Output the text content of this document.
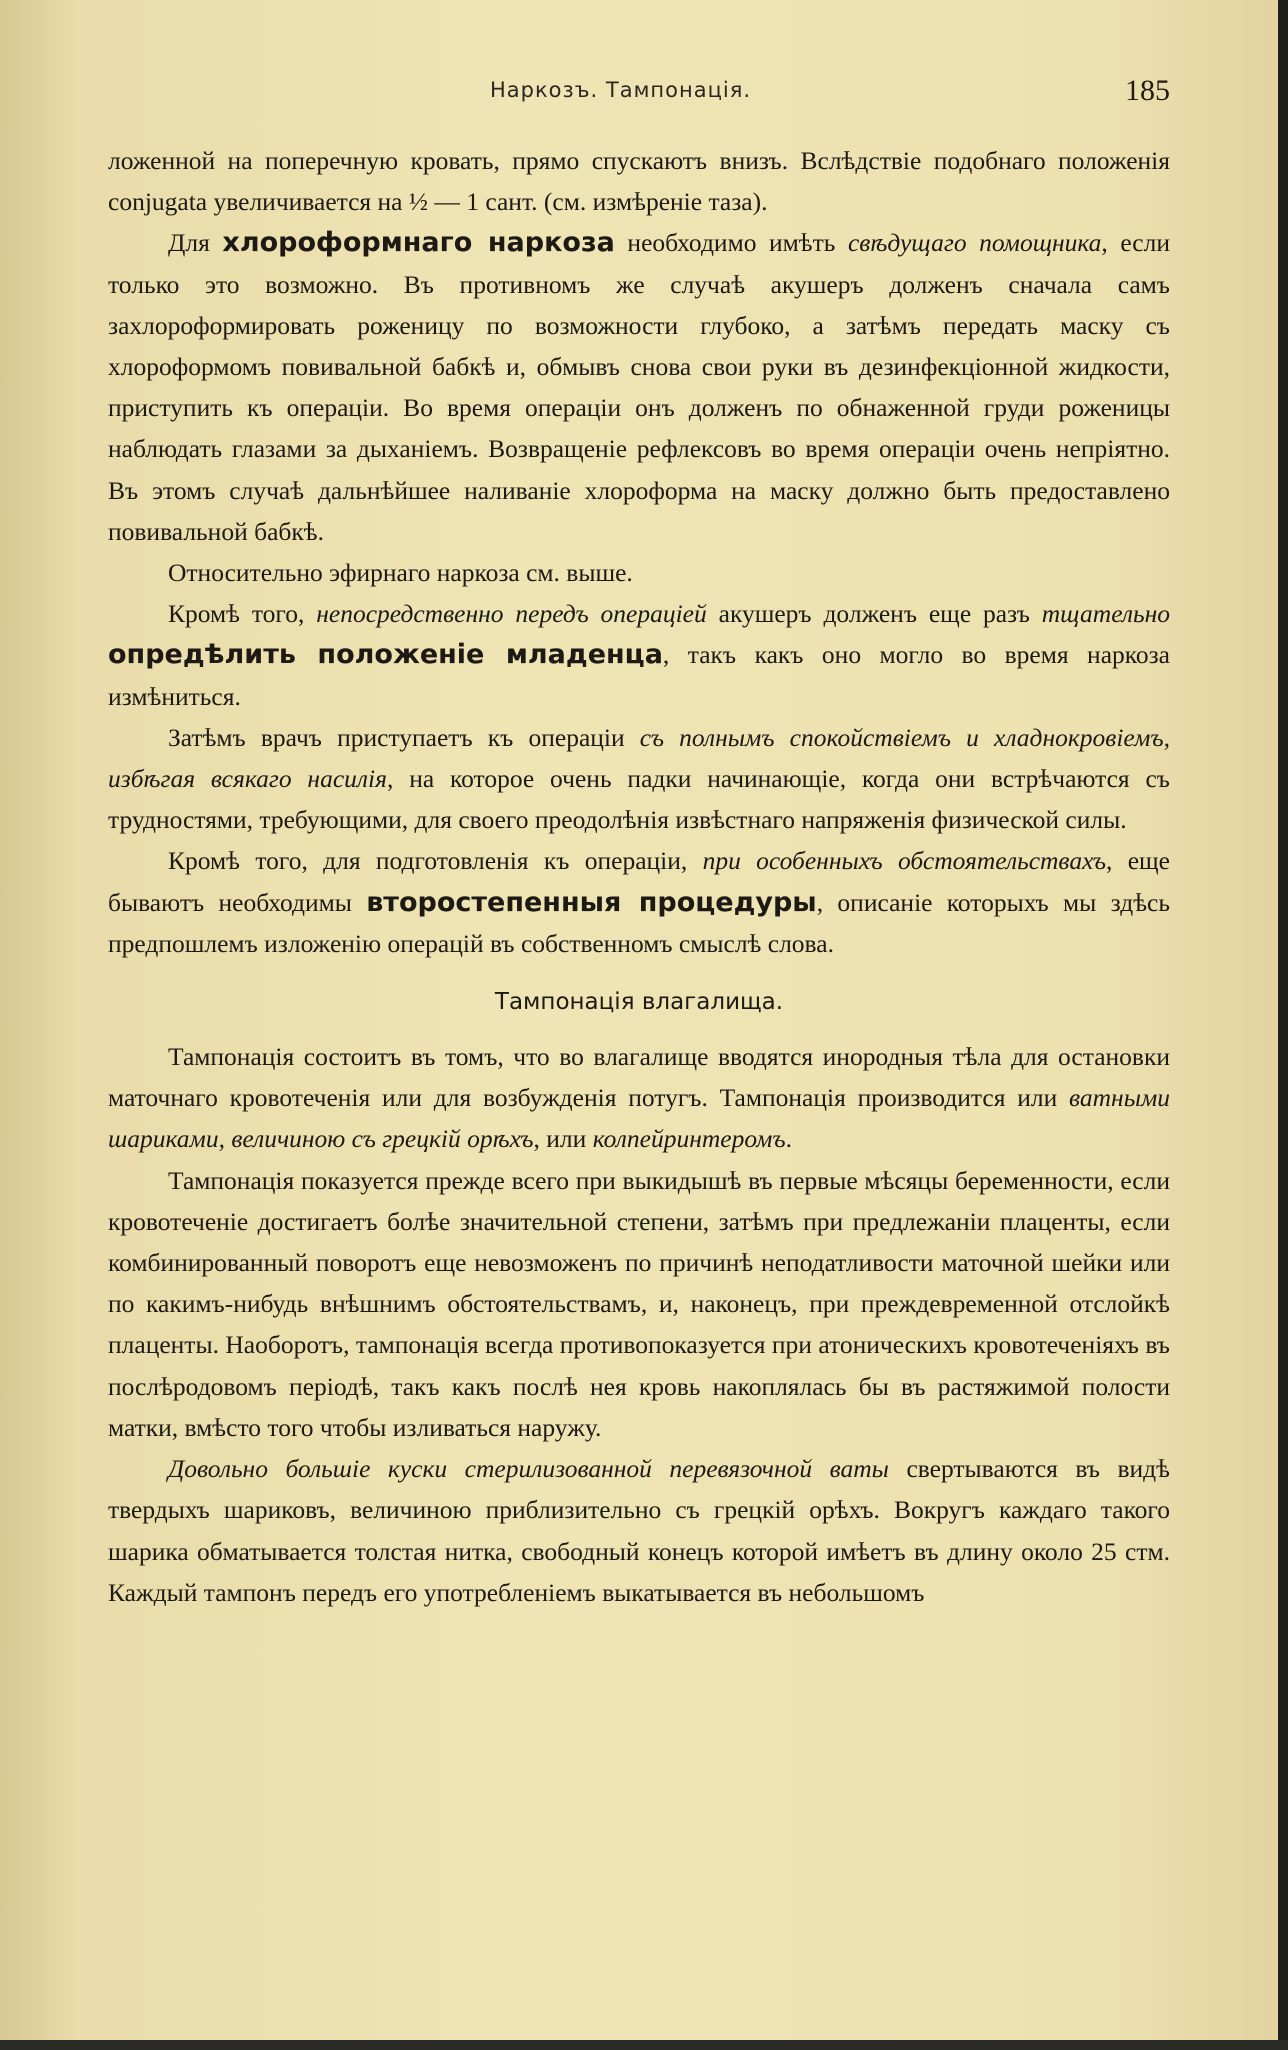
Наркозъ. Тампонація.	185

ложенной на поперечную кровать, прямо спускаютъ внизъ. Вслѣдствіе подобнаго положенія conjugata увеличивается на ½ — 1 сант. (см. измѣреніе таза).

Для хлороформнаго наркоза необходимо имѣть свѣдущаго помощника, если только это возможно. Въ противномъ же случаѣ акушеръ долженъ сначала самъ захлороформировать роженицу по возможности глубоко, а затѣмъ передать маску съ хлороформомъ повивальной бабкѣ и, обмывъ снова свои руки въ дезинфекціонной жидкости, приступить къ операціи. Во время операціи онъ долженъ по обнаженной груди роженицы наблюдать глазами за дыханіемъ. Возвращеніе рефлексовъ во время операціи очень непріятно. Въ этомъ случаѣ дальнѣйшее наливаніе хлороформа на маску должно быть предоставлено повивальной бабкѣ.

Относительно эфирнаго наркоза см. выше.

Кромѣ того, непосредственно передъ операціей акушеръ долженъ еще разъ тщательно опредѣлить положеніе младенца, такъ какъ оно могло во время наркоза измѣниться.

Затѣмъ врачъ приступаетъ къ операціи съ полнымъ спокойствіемъ и хладнокровіемъ, избѣгая всякаго насилія, на которое очень падки начинающіе, когда они встрѣчаются съ трудностями, требующими, для своего преодолѣнія извѣстнаго напряженія физической силы.

Кромѣ того, для подготовленія къ операціи, при особенныхъ обстоятельствахъ, еще бываютъ необходимы второстепенныя процедуры, описаніе которыхъ мы здѣсь предпошлемъ изложенію операцій въ собственномъ смыслѣ слова.

Тампонація влагалища.

Тампонація состоитъ въ томъ, что во влагалище вводятся инородныя тѣла для остановки маточнаго кровотеченія или для возбужденія потугъ. Тампонація производится или ватными шариками, величиною съ грецкій орѣхъ, или колпейринтеромъ.

Тампонація показуется прежде всего при выкидышѣ въ первые мѣсяцы беременности, если кровотеченіе достигаетъ болѣе значительной степени, затѣмъ при предлежаніи плаценты, если комбинированный поворотъ еще невозможенъ по причинѣ неподатливости маточной шейки или по какимъ-нибудь внѣшнимъ обстоятельствамъ, и, наконецъ, при преждевременной отслойкѣ плаценты. Наоборотъ, тампонація всегда противопоказуется при атоническихъ кровотеченіяхъ въ послѣродовомъ періодѣ, такъ какъ послѣ нея кровь накоплялась бы въ растяжимой полости матки, вмѣсто того чтобы изливаться наружу.

Довольно большіе куски стерилизованной перевязочной ваты свертываются въ видѣ твердыхъ шариковъ, величиною приблизительно съ грецкій орѣхъ. Вокругъ каждаго такого шарика обматывается толстая нитка, свободный конецъ которой имѣетъ въ длину около 25 стм. Каждый тампонъ передъ его употребленіемъ выкатывается въ небольшомъ
